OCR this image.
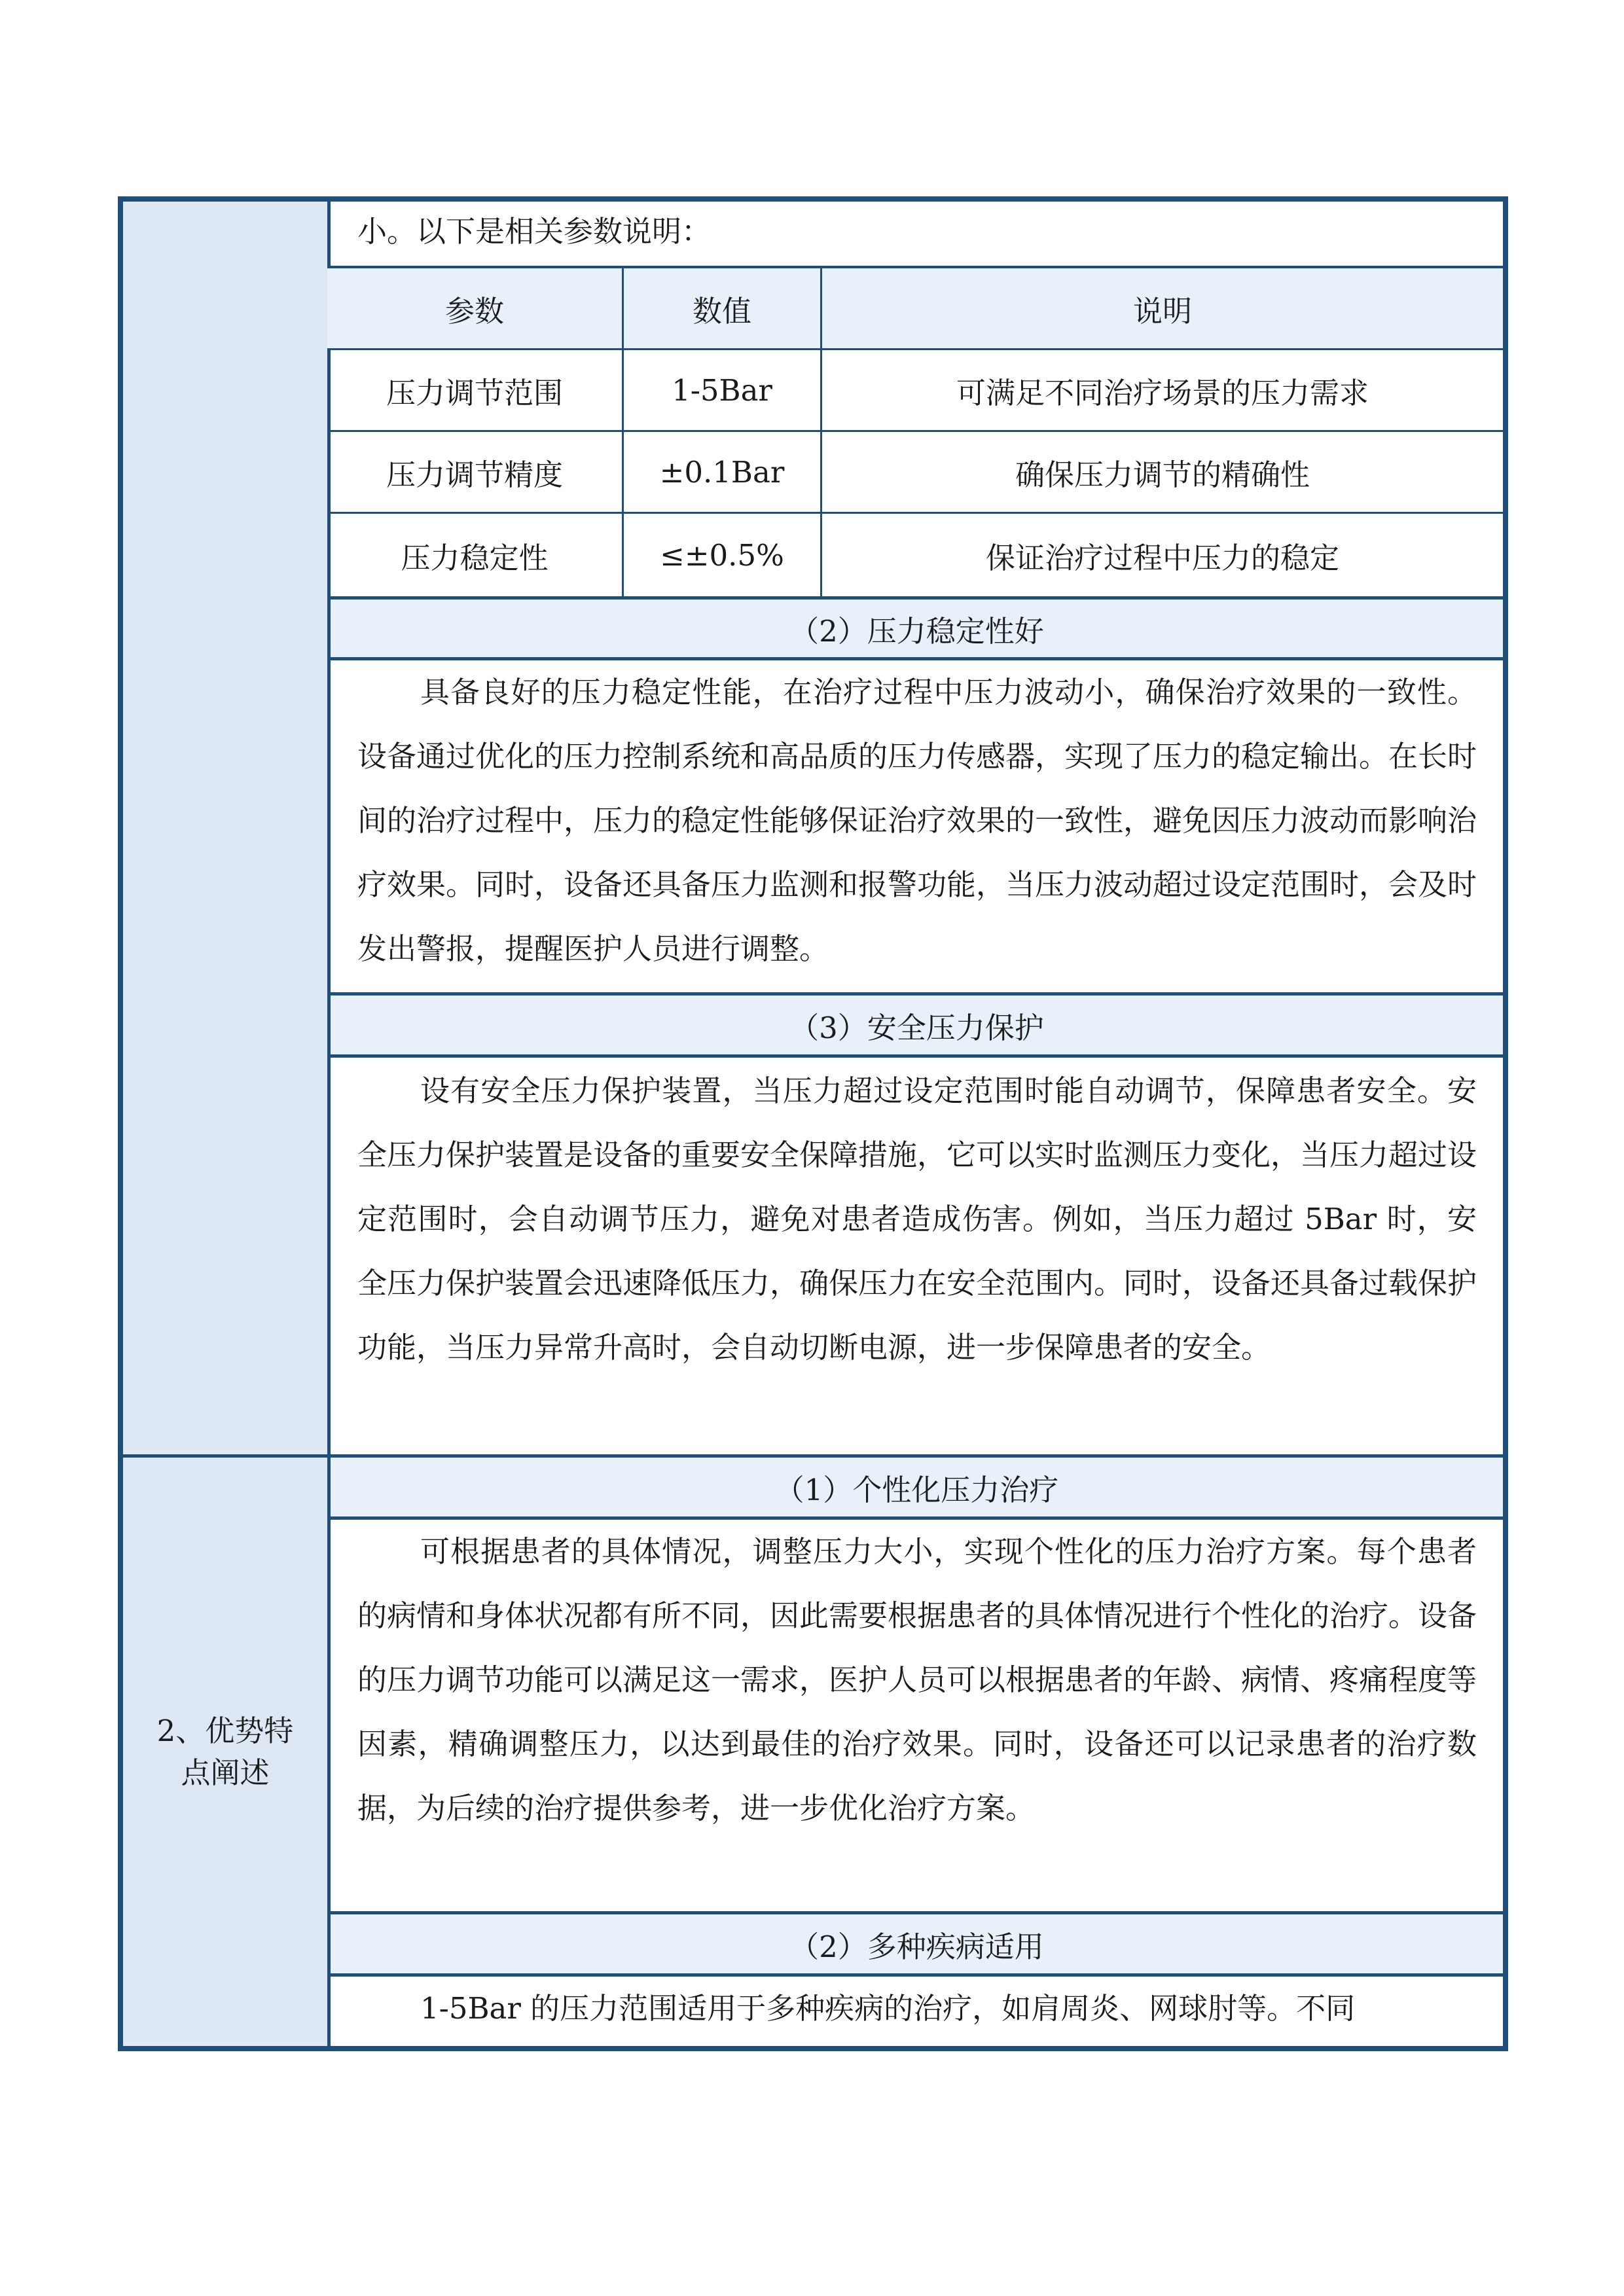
小。以下是相关参数说明：
参数	数值	说明
压力调节范围	1-5Bar	可满足不同治疗场景的压力需求
压力调节精度	±0.1Bar	确保压力调节的精确性
压力稳定性	≤±0.5%	保证治疗过程中压力的稳定
（2）压力稳定性好

具备良好的压力稳定性能，在治疗过程中压力波动小，确保治疗效果的一致性。设备通过优化的压力控制系统和高品质的压力传感器，实现了压力的稳定输出。在长时间的治疗过程中，压力的稳定性能够保证治疗效果的一致性，避免因压力波动而影响治疗效果。同时，设备还具备压力监测和报警功能，当压力波动超过设定范围时，会及时发出警报，提醒医护人员进行调整。

（3）安全压力保护

设有安全压力保护装置，当压力超过设定范围时能自动调节，保障患者安全。安全压力保护装置是设备的重要安全保障措施，它可以实时监测压力变化，当压力超过设定范围时，会自动调节压力，避免对患者造成伤害。例如，当压力超过 5Bar 时，安全压力保护装置会迅速降低压力，确保压力在安全范围内。同时，设备还具备过载保护功能，当压力异常升高时，会自动切断电源，进一步保障患者的安全。

2、优势特
点阐述
（1）个性化压力治疗

可根据患者的具体情况，调整压力大小，实现个性化的压力治疗方案。每个患者的病情和身体状况都有所不同，因此需要根据患者的具体情况进行个性化的治疗。设备的压力调节功能可以满足这一需求，医护人员可以根据患者的年龄、病情、疼痛程度等因素，精确调整压力，以达到最佳的治疗效果。同时，设备还可以记录患者的治疗数据，为后续的治疗提供参考，进一步优化治疗方案。

（2）多种疾病适用

1-5Bar 的压力范围适用于多种疾病的治疗，如肩周炎、网球肘等。不同
